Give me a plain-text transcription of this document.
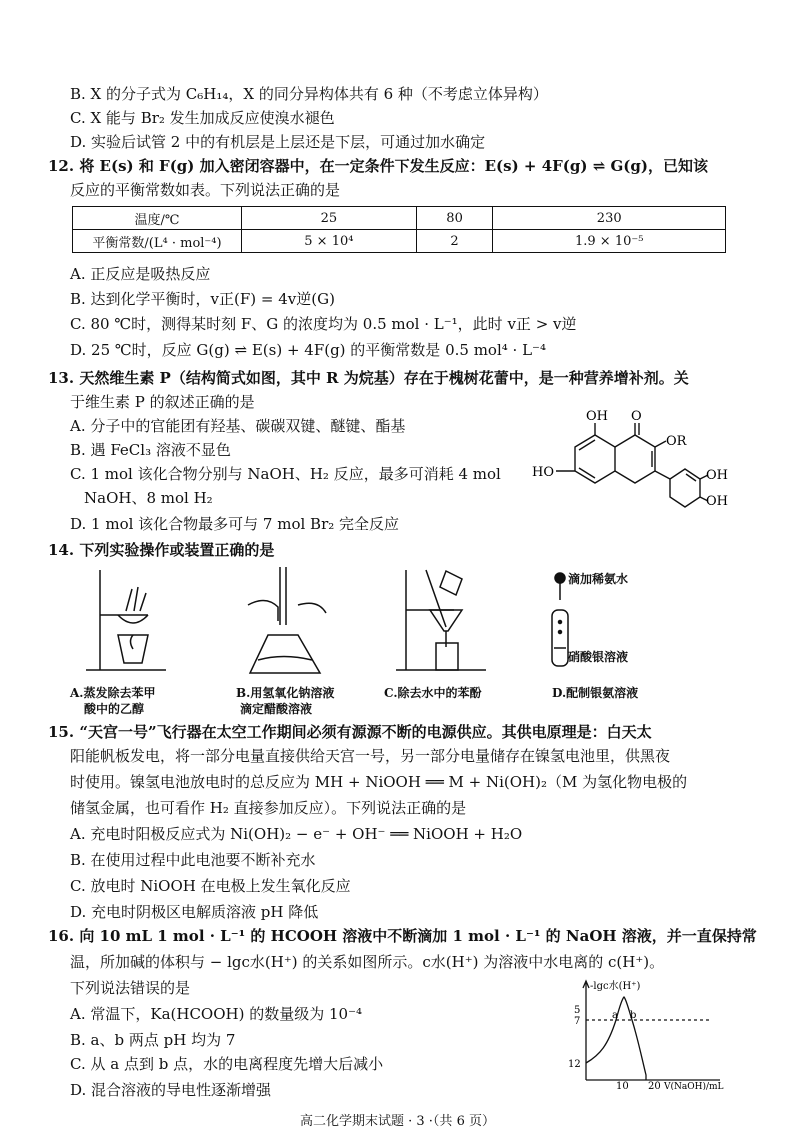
B. X 的分子式为 C₆H₁₄，X 的同分异构体共有 6 种（不考虑立体异构）
C. X 能与 Br₂ 发生加成反应使溴水褪色
D. 实验后试管 2 中的有机层是上层还是下层，可通过加水确定
12. 将 E(s) 和 F(g) 加入密闭容器中，在一定条件下发生反应：E(s) + 4F(g) ⇌ G(g)，已知该
反应的平衡常数如表。下列说法正确的是
温度/℃	25	80	230
平衡常数/(L⁴ · mol⁻⁴)	5 × 10⁴	2	1.9 × 10⁻⁵
A. 正反应是吸热反应
B. 达到化学平衡时，v正(F) = 4v逆(G)
C. 80 ℃时，测得某时刻 F、G 的浓度均为 0.5 mol · L⁻¹，此时 v正 > v逆
D. 25 ℃时，反应 G(g) ⇌ E(s) + 4F(g) 的平衡常数是 0.5 mol⁴ · L⁻⁴
13. 天然维生素 P（结构简式如图，其中 R 为烷基）存在于槐树花蕾中，是一种营养增补剂。关
于维生素 P 的叙述正确的是
A. 分子中的官能团有羟基、碳碳双键、醚键、酯基
B. 遇 FeCl₃ 溶液不显色
C. 1 mol 该化合物分别与 NaOH、H₂ 反应，最多可消耗 4 mol
NaOH、8 mol H₂
D. 1 mol 该化合物最多可与 7 mol Br₂ 完全反应
OH O
OR
HO	OH
OH
14. 下列实验操作或装置正确的是
A.蒸发除去苯甲
酸中的乙醇
B.用氢氧化钠溶液
滴定醋酸溶液
C.除去水中的苯酚
滴加稀氨水
硝酸银溶液
D.配制银氨溶液
15. “天宫一号”飞行器在太空工作期间必须有源源不断的电源供应。其供电原理是：白天太
阳能帆板发电，将一部分电量直接供给天宫一号，另一部分电量储存在镍氢电池里，供黑夜
时使用。镍氢电池放电时的总反应为 MH + NiOOH ══ M + Ni(OH)₂（M 为氢化物电极的
储氢金属，也可看作 H₂ 直接参加反应）。下列说法正确的是
A. 充电时阳极反应式为 Ni(OH)₂ − e⁻ + OH⁻ ══ NiOOH + H₂O
B. 在使用过程中此电池要不断补充水
C. 放电时 NiOOH 在电极上发生氧化反应
D. 充电时阴极区电解质溶液 pH 降低
16. 向 10 mL 1 mol · L⁻¹ 的 HCOOH 溶液中不断滴加 1 mol · L⁻¹ 的 NaOH 溶液，并一直保持常
温，所加碱的体积与 − lgc水(H⁺) 的关系如图所示。c水(H⁺) 为溶液中水电离的 c(H⁺)。
下列说法错误的是
A. 常温下，Ka(HCOOH) 的数量级为 10⁻⁴
B. a、b 两点 pH 均为 7
C. 从 a 点到 b 点，水的电离程度先增大后减小
D. 混合溶液的导电性逐渐增强
-lgc水(H⁺)
5
7
12
a b
10 20 V(NaOH)/mL
高二化学期末试题 · 3 ·（共 6 页）
